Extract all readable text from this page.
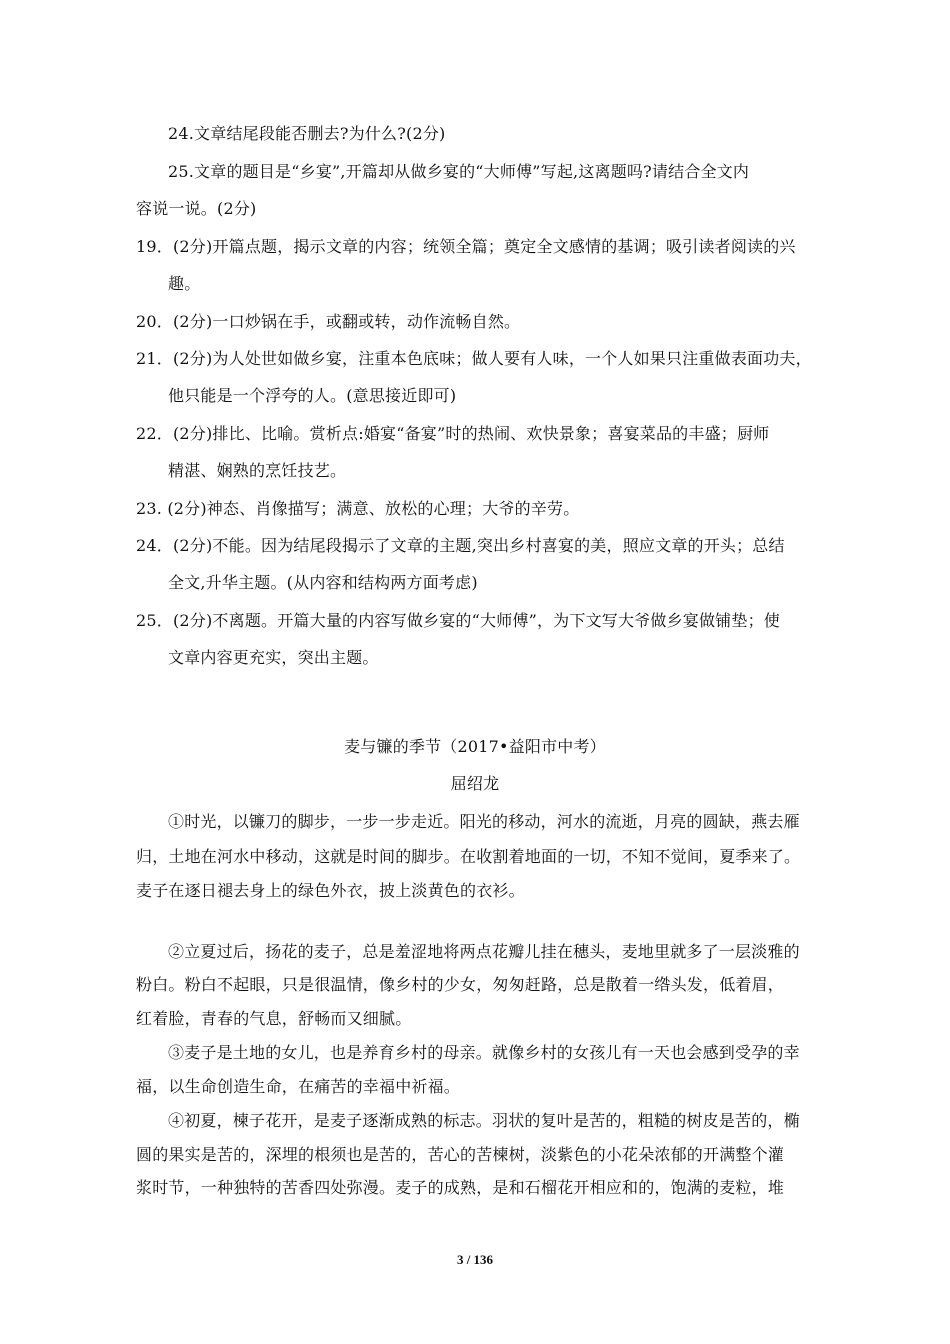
24.文章结尾段能否删去?为什么?(2分)
25.文章的题目是“乡宴”,开篇却从做乡宴的“大师傅”写起,这离题吗?请结合全文内
容说一说。(2分)
19．(2分)开篇点题，揭示文章的内容；统领全篇；奠定全文感情的基调；吸引读者阅读的兴
趣。
20．(2分)一口炒锅在手，或翻或转，动作流畅自然。
21．(2分)为人处世如做乡宴，注重本色底味；做人要有人味，一个人如果只注重做表面功夫，
他只能是一个浮夸的人。(意思接近即可)
22．(2分)排比、比喻。赏析点:婚宴“备宴”时的热闹、欢快景象；喜宴菜品的丰盛；厨师
精湛、娴熟的烹饪技艺。
23. (2分)神态、肖像描写；满意、放松的心理；大爷的辛劳。
24．(2分)不能。因为结尾段揭示了文章的主题,突出乡村喜宴的美，照应文章的开头；总结
全文,升华主题。(从内容和结构两方面考虑)
25．(2分)不离题。开篇大量的内容写做乡宴的“大师傅”，为下文写大爷做乡宴做铺垫；使
文章内容更充实，突出主题。
麦与镰的季节（2017•益阳市中考）
屈绍龙
①时光，以镰刀的脚步，一步一步走近。阳光的移动，河水的流逝，月亮的圆缺，燕去雁
归，土地在河水中移动，这就是时间的脚步。在收割着地面的一切，不知不觉间，夏季来了。
麦子在逐日褪去身上的绿色外衣，披上淡黄色的衣衫。
②立夏过后，扬花的麦子，总是羞涩地将两点花瓣儿挂在穗头，麦地里就多了一层淡雅的
粉白。粉白不起眼，只是很温情，像乡村的少女，匆匆赶路，总是散着一绺头发，低着眉，
红着脸，青春的气息，舒畅而又细腻。
③麦子是土地的女儿，也是养育乡村的母亲。就像乡村的女孩儿有一天也会感到受孕的幸
福，以生命创造生命，在痛苦的幸福中祈福。
④初夏，楝子花开，是麦子逐渐成熟的标志。羽状的复叶是苦的，粗糙的树皮是苦的，椭
圆的果实是苦的，深埋的根须也是苦的，苦心的苦楝树，淡紫色的小花朵浓郁的开满整个灌
浆时节，一种独特的苦香四处弥漫。麦子的成熟，是和石榴花开相应和的，饱满的麦粒，堆
3 / 136
